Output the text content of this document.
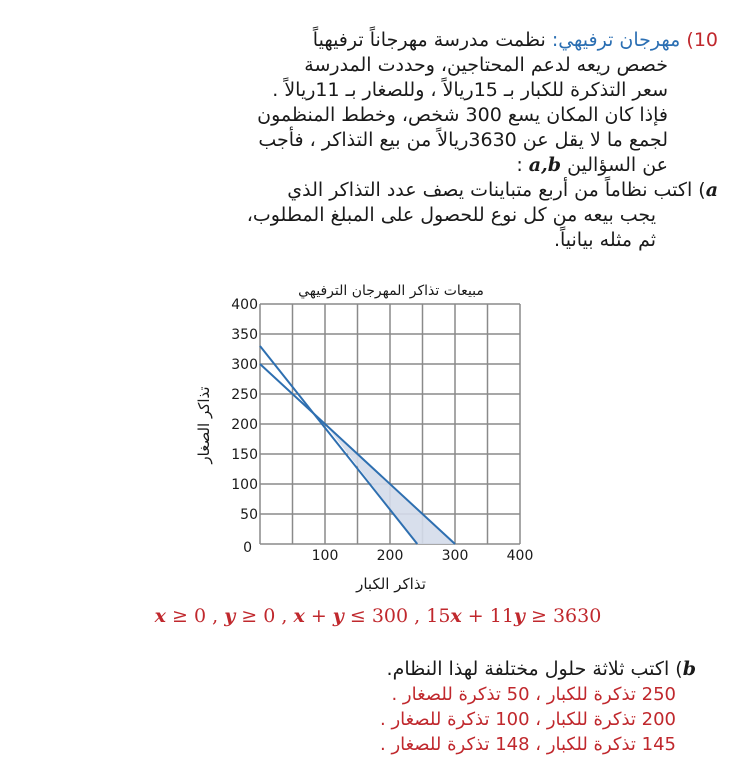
10) مهرجان ترفيهي: نظمت مدرسة مهرجاناً ترفيهياً
خصص ريعه لدعم المحتاجين، وحددت المدرسة
سعر التذكرة للكبار بـ 15ريالاً ، وللصغار بـ 11ريالاً .
فإذا كان المكان يسع 300 شخص، وخطط المنظمون
لجمع ما لا يقل عن 3630ريالاً من بيع التذاكر ، فأجب
عن السؤالين a,b :
a) اكتب نظاماً من أربع متباينات يصف عدد التذاكر الذي
يجب بيعه من كل نوع للحصول على المبلغ المطلوب،
ثم مثله بيانياً.
مبيعات تذاكر المهرجان الترفيهي
تذاكر الصغار
تذاكر الكبار
100	200	300	400
50
100
150
200
250
300
350
400
0
x ≥ 0 , y ≥ 0 , x + y ≤ 300 , 15x + 11y ≥ 3630
b) اكتب ثلاثة حلول مختلفة لهذا النظام.
250 تذكرة للكبار ، 50 تذكرة للصغار .
200 تذكرة للكبار ، 100 تذكرة للصغار .
145 تذكرة للكبار ، 148 تذكرة للصغار .
